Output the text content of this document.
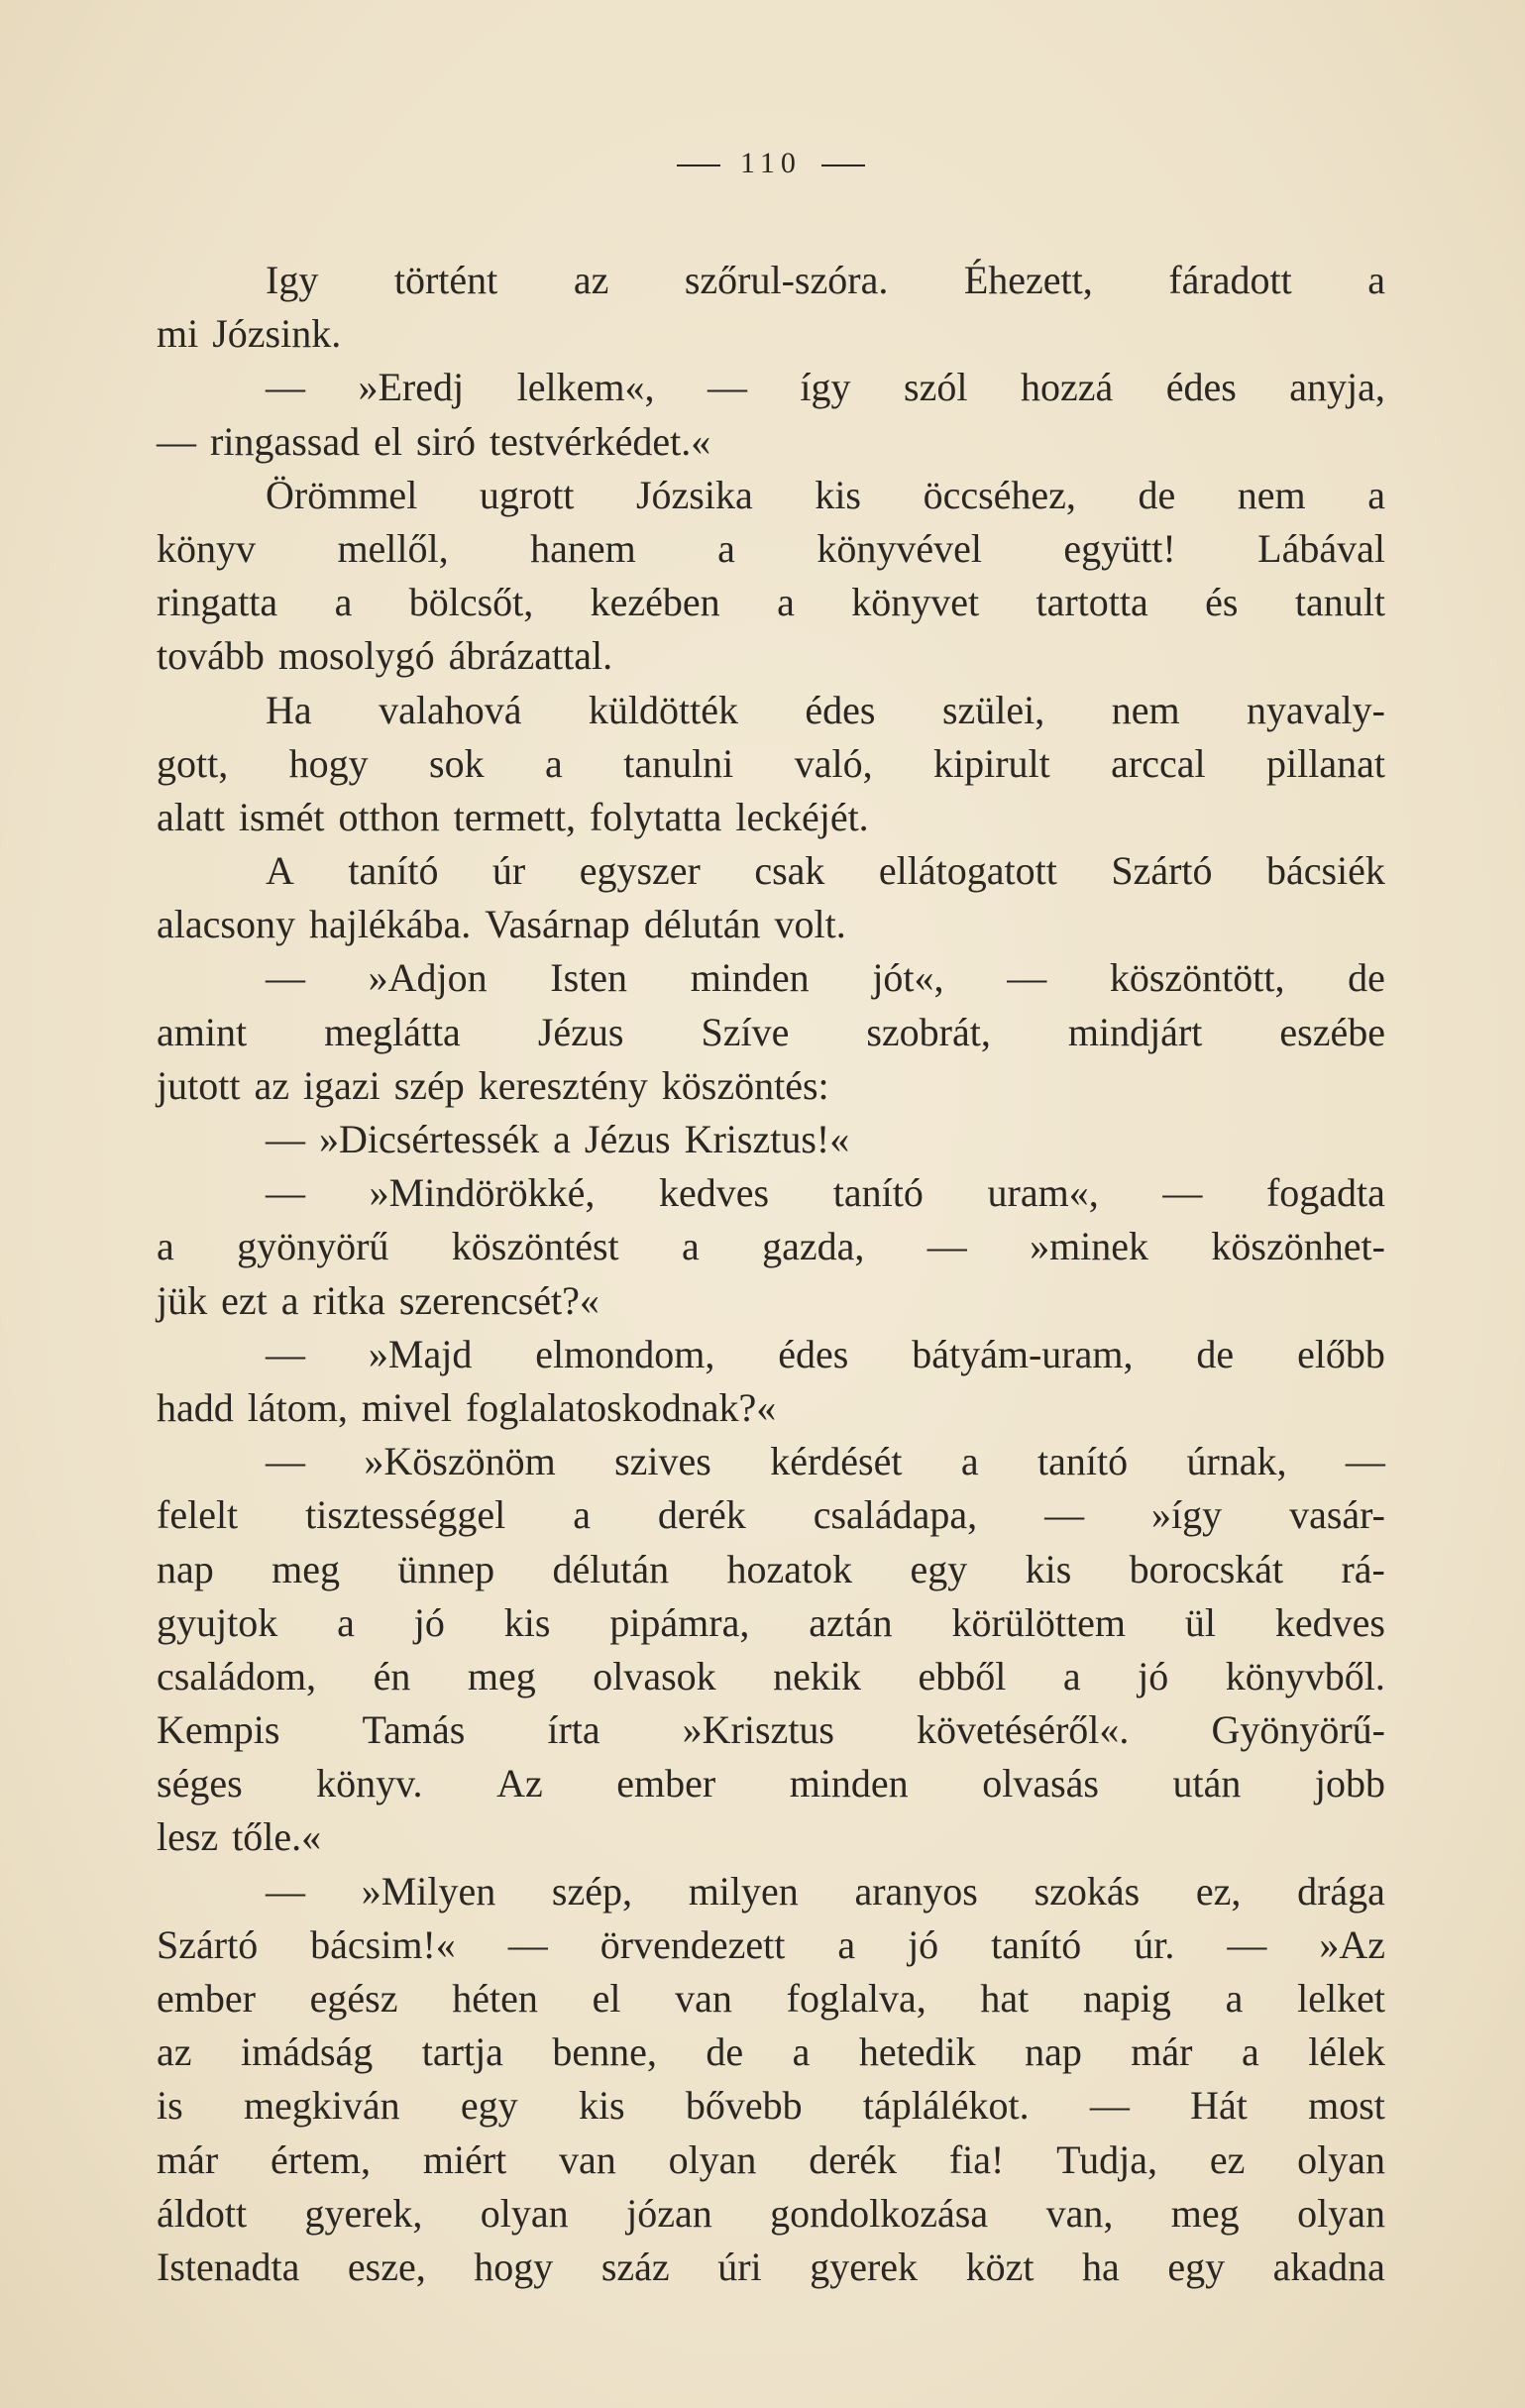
110
Igy történt az szőrul-szóra. Éhezett, fáradott a
mi Józsink.
— »Eredj lelkem«, — így szól hozzá édes anyja,
— ringassad el siró testvérkédet.«
Örömmel ugrott Józsika kis öccséhez, de nem a
könyv mellől, hanem a könyvével együtt! Lábával
ringatta a bölcsőt, kezében a könyvet tartotta és tanult
tovább mosolygó ábrázattal.
Ha valahová küldötték édes szülei, nem nyavaly-
gott, hogy sok a tanulni való, kipirult arccal pillanat
alatt ismét otthon termett, folytatta leckéjét.
A tanító úr egyszer csak ellátogatott Szártó bácsiék
alacsony hajlékába. Vasárnap délután volt.
— »Adjon Isten minden jót«, — köszöntött, de
amint meglátta Jézus Szíve szobrát, mindjárt eszébe
jutott az igazi szép keresztény köszöntés:
— »Dicsértessék a Jézus Krisztus!«
— »Mindörökké, kedves tanító uram«, — fogadta
a gyönyörű köszöntést a gazda, — »minek köszönhet-
jük ezt a ritka szerencsét?«
— »Majd elmondom, édes bátyám-uram, de előbb
hadd látom, mivel foglalatoskodnak?«
— »Köszönöm szives kérdését a tanító úrnak, —
felelt tisztességgel a derék családapa, — »így vasár-
nap meg ünnep délután hozatok egy kis borocskát rá-
gyujtok a jó kis pipámra, aztán körülöttem ül kedves
családom, én meg olvasok nekik ebből a jó könyvből.
Kempis Tamás írta »Krisztus követéséről«. Gyönyörű-
séges könyv. Az ember minden olvasás után jobb
lesz tőle.«
— »Milyen szép, milyen aranyos szokás ez, drága
Szártó bácsim!« — örvendezett a jó tanító úr. — »Az
ember egész héten el van foglalva, hat napig a lelket
az imádság tartja benne, de a hetedik nap már a lélek
is megkiván egy kis bővebb táplálékot. — Hát most
már értem, miért van olyan derék fia! Tudja, ez olyan
áldott gyerek, olyan józan gondolkozása van, meg olyan
Istenadta esze, hogy száz úri gyerek közt ha egy akadna
